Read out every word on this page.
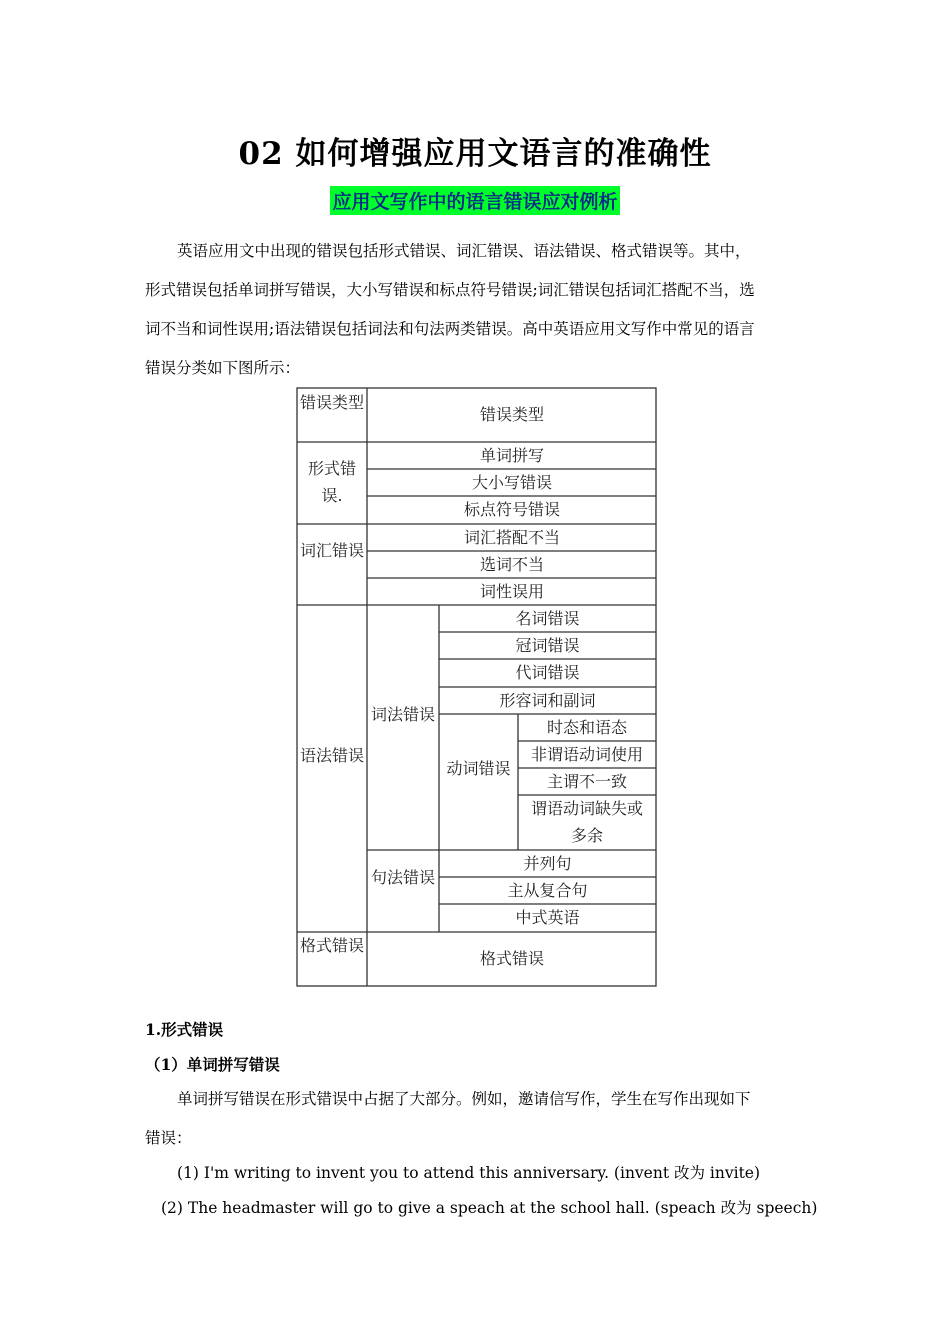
02 如何增强应用文语言的准确性
应用文写作中的语言错误应对例析
英语应用文中出现的错误包括形式错误、词汇错误、语法错误、格式错误等。其中，
形式错误包括单词拼写错误，大小写错误和标点符号错误;词汇错误包括词汇搭配不当，选
词不当和词性误用;语法错误包括词法和句法两类错误。高中英语应用文写作中常见的语言
错误分类如下图所示：
错误类型
错误类型
形式错误.
单词拼写
大小写错误
标点符号错误
词汇错误
词汇搭配不当
选词不当
词性误用
语法错误
词法错误
名词错误
冠词错误
代词错误
形容词和副词
动词错误
时态和语态
非谓语动词使用
主谓不一致
谓语动词缺失或多余
句法错误
并列句
主从复合句
中式英语
格式错误
格式错误
1.形式错误
（1）单词拼写错误
单词拼写错误在形式错误中占据了大部分。例如，邀请信写作，学生在写作出现如下
错误：
(1) I'm writing to invent you to attend this anniversary. (invent 改为 invite)
(2) The headmaster will go to give a speach at the school hall. (speach 改为 speech)
